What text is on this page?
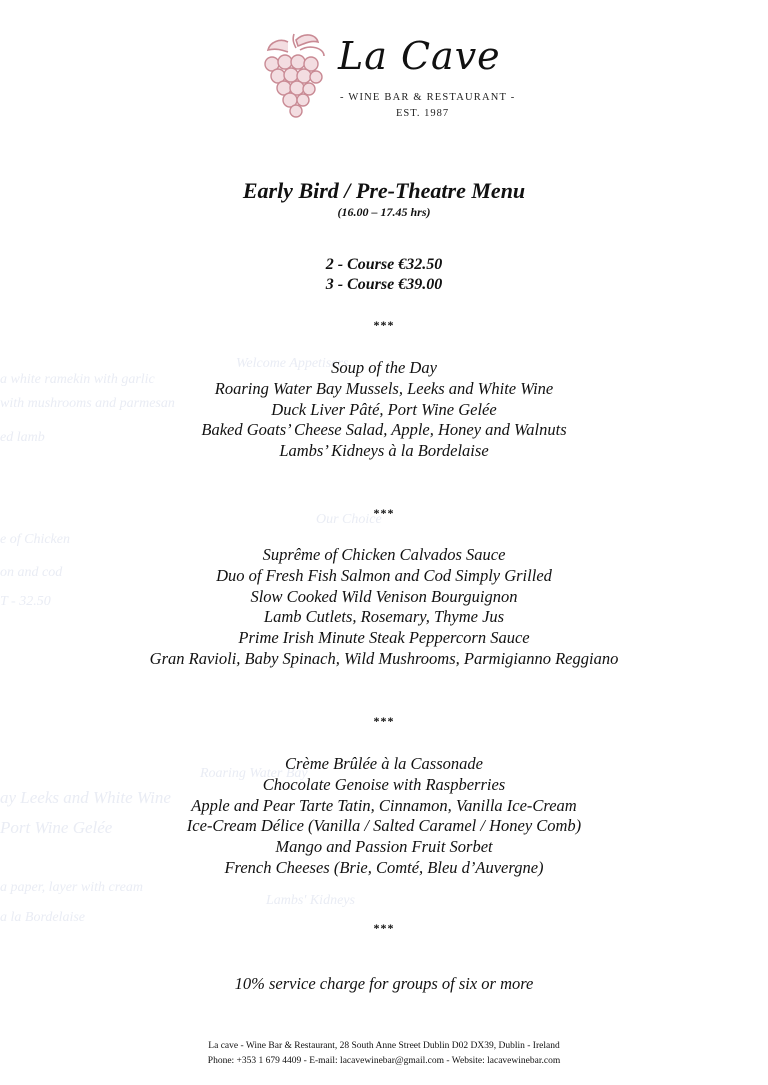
a white ramekin with garlic
with mushrooms and parmesan
ed lamb
e of Chicken
on and cod
T - 32.50
ay Leeks and White Wine
Port Wine Gelée
a paper, layer with cream
a la Bordelaise
Welcome Appetisers
Our Choice
Roaring Water Bay
Lambs' Kidneys
La Cave
- WINE BAR & RESTAURANT -
EST. 1987
Early Bird / Pre-Theatre Menu
(16.00 – 17.45 hrs)
2 - Course €32.50
3 - Course €39.00
***
Soup of the Day
Roaring Water Bay Mussels, Leeks and White Wine
Duck Liver Pâté, Port Wine Gelée
Baked Goats’ Cheese Salad, Apple, Honey and Walnuts
Lambs’ Kidneys à la Bordelaise
***
Suprême of Chicken Calvados Sauce
Duo of Fresh Fish Salmon and Cod Simply Grilled
Slow Cooked Wild Venison Bourguignon
Lamb Cutlets, Rosemary, Thyme Jus
Prime Irish Minute Steak Peppercorn Sauce
Gran Ravioli, Baby Spinach, Wild Mushrooms, Parmigianno Reggiano
***
Crème Brûlée à la Cassonade
Chocolate Genoise with Raspberries
Apple and Pear Tarte Tatin, Cinnamon, Vanilla Ice-Cream
Ice-Cream Délice (Vanilla / Salted Caramel / Honey Comb)
Mango and Passion Fruit Sorbet
French Cheeses (Brie, Comté, Bleu d’Auvergne)
***
10% service charge for groups of six or more
La cave - Wine Bar & Restaurant, 28 South Anne Street Dublin D02 DX39, Dublin - Ireland
Phone: +353 1 679 4409 - E-mail: lacavewinebar@gmail.com - Website: lacavewinebar.com
